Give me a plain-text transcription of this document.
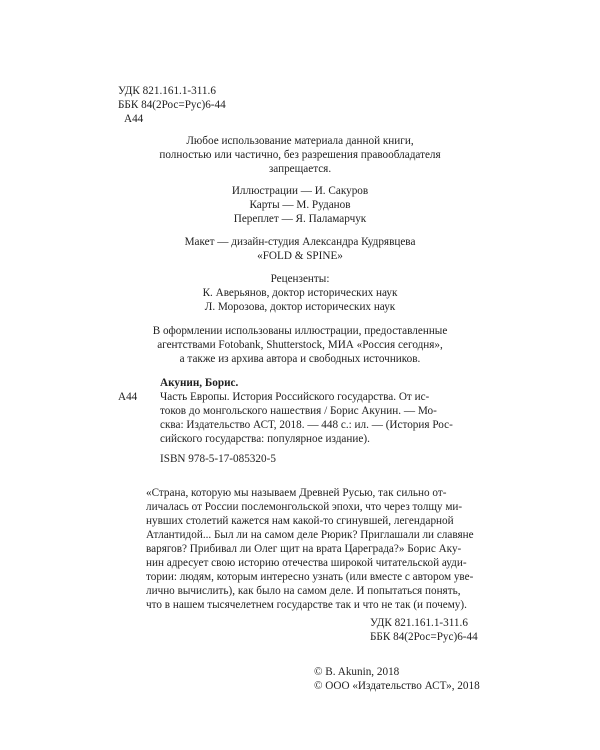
УДК 821.161.1-311.6
ББК 84(2Рос=Рус)6-44
А44
Любое использование материала данной книги,
полностью или частично, без разрешения правообладателя
запрещается.
Иллюстрации — И. Сакуров
Карты — М. Руданов
Переплет — Я. Паламарчук
Макет — дизайн-студия Александра Кудрявцева
«FOLD & SPINE»
Рецензенты:
К. Аверьянов, доктор исторических наук
Л. Морозова, доктор исторических наук
В оформлении использованы иллюстрации, предоставленные
агентствами Fotobank, Shutterstock, МИА «Россия сегодня»,
а также из архива автора и свободных источников.
Акунин, Борис.
А44 Часть Европы. История Российского государства. От ис-
токов до монгольского нашествия / Борис Акунин. — Мо-
сква: Издательство АСТ, 2018. — 448 с.: ил. — (История Рос-
сийского государства: популярное издание).
ISBN 978-5-17-085320-5
«Страна, которую мы называем Древней Русью, так сильно от-
личалась от России послемонгольской эпохи, что через толщу ми-
нувших столетий кажется нам какой-то сгинувшей, легендарной
Атлантидой... Был ли на самом деле Рюрик? Приглашали ли славяне
варягов? Прибивал ли Олег щит на врата Цареграда?» Борис Аку-
нин адресует свою историю отечества широкой читательской ауди-
тории: людям, которым интересно узнать (или вместе с автором уве-
лично вычислить), как было на самом деле. И попытаться понять,
что в нашем тысячелетнем государстве так и что не так (и почему).
УДК 821.161.1-311.6
ББК 84(2Рос=Рус)6-44
© B. Akunin, 2018
© ООО «Издательство АСТ», 2018
